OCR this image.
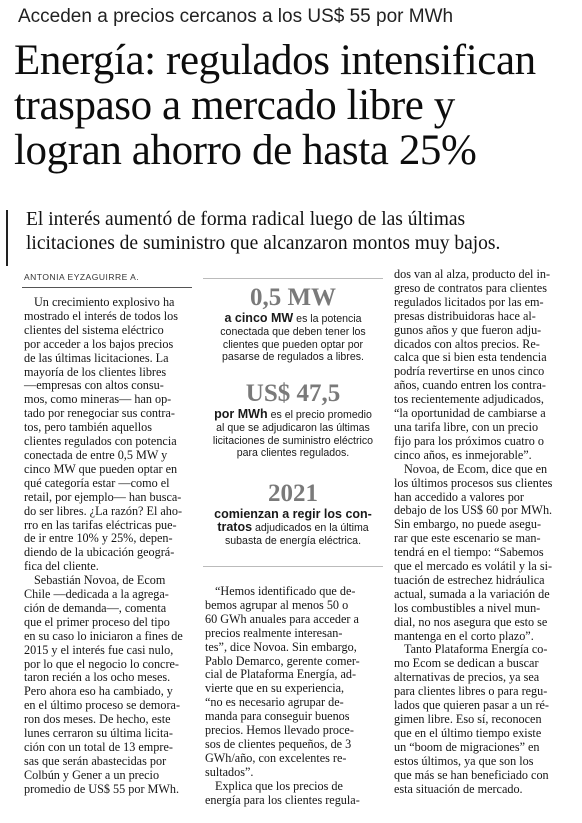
Acceden a precios cercanos a los US$ 55 por MWh
Energía: regulados intensifican
traspaso a mercado libre y
logran ahorro de hasta 25%
El interés aumentó de forma radical luego de las últimas
licitaciones de suministro que alcanzaron montos muy bajos.
ANTONIA EYZAGUIRRE A.
Un crecimiento explosivo ha
mostrado el interés de todos los
clientes del sistema eléctrico
por acceder a los bajos precios
de las últimas licitaciones. La
mayoría de los clientes libres
—empresas con altos consu-
mos, como mineras— han op-
tado por renegociar sus contra-
tos, pero también aquellos
clientes regulados con potencia
conectada de entre 0,5 MW y
cinco MW que pueden optar en
qué categoría estar —como el
retail, por ejemplo— han busca-
do ser libres. ¿La razón? El aho-
rro en las tarifas eléctricas pue-
de ir entre 10% y 25%, depen-
diendo de la ubicación geográ-
fica del cliente.
Sebastián Novoa, de Ecom
Chile —dedicada a la agrega-
ción de demanda—, comenta
que el primer proceso del tipo
en su caso lo iniciaron a fines de
2015 y el interés fue casi nulo,
por lo que el negocio lo concre-
taron recién a los ocho meses.
Pero ahora eso ha cambiado, y
en el último proceso se demora-
ron dos meses. De hecho, este
lunes cerraron su última licita-
ción con un total de 13 empre-
sas que serán abastecidas por
Colbún y Gener a un precio
promedio de US$ 55 por MWh.
0,5 MW
a cinco MW es la potencia
conectada que deben tener los
clientes que pueden optar por
pasarse de regulados a libres.
US$ 47,5
por MWh es el precio promedio
al que se adjudicaron las últimas
licitaciones de suministro eléctrico
para clientes regulados.
2021
comienzan a regir los con-
tratos adjudicados en la última
subasta de energía eléctrica.
“Hemos identificado que de-
bemos agrupar al menos 50 o
60 GWh anuales para acceder a
precios realmente interesan-
tes”, dice Novoa. Sin embargo,
Pablo Demarco, gerente comer-
cial de Plataforma Energía, ad-
vierte que en su experiencia,
“no es necesario agrupar de-
manda para conseguir buenos
precios. Hemos llevado proce-
sos de clientes pequeños, de 3
GWh/año, con excelentes re-
sultados”.
Explica que los precios de
energía para los clientes regula-
dos van al alza, producto del in-
greso de contratos para clientes
regulados licitados por las em-
presas distribuidoras hace al-
gunos años y que fueron adju-
dicados con altos precios. Re-
calca que si bien esta tendencia
podría revertirse en unos cinco
años, cuando entren los contra-
tos recientemente adjudicados,
“la oportunidad de cambiarse a
una tarifa libre, con un precio
fijo para los próximos cuatro o
cinco años, es inmejorable”.
Novoa, de Ecom, dice que en
los últimos procesos sus clientes
han accedido a valores por
debajo de los US$ 60 por MWh.
Sin embargo, no puede asegu-
rar que este escenario se man-
tendrá en el tiempo: “Sabemos
que el mercado es volátil y la si-
tuación de estrechez hidráulica
actual, sumada a la variación de
los combustibles a nivel mun-
dial, no nos asegura que esto se
mantenga en el corto plazo”.
Tanto Plataforma Energía co-
mo Ecom se dedican a buscar
alternativas de precios, ya sea
para clientes libres o para regu-
lados que quieren pasar a un ré-
gimen libre. Eso sí, reconocen
que en el último tiempo existe
un “boom de migraciones” en
estos últimos, ya que son los
que más se han beneficiado con
esta situación de mercado.
